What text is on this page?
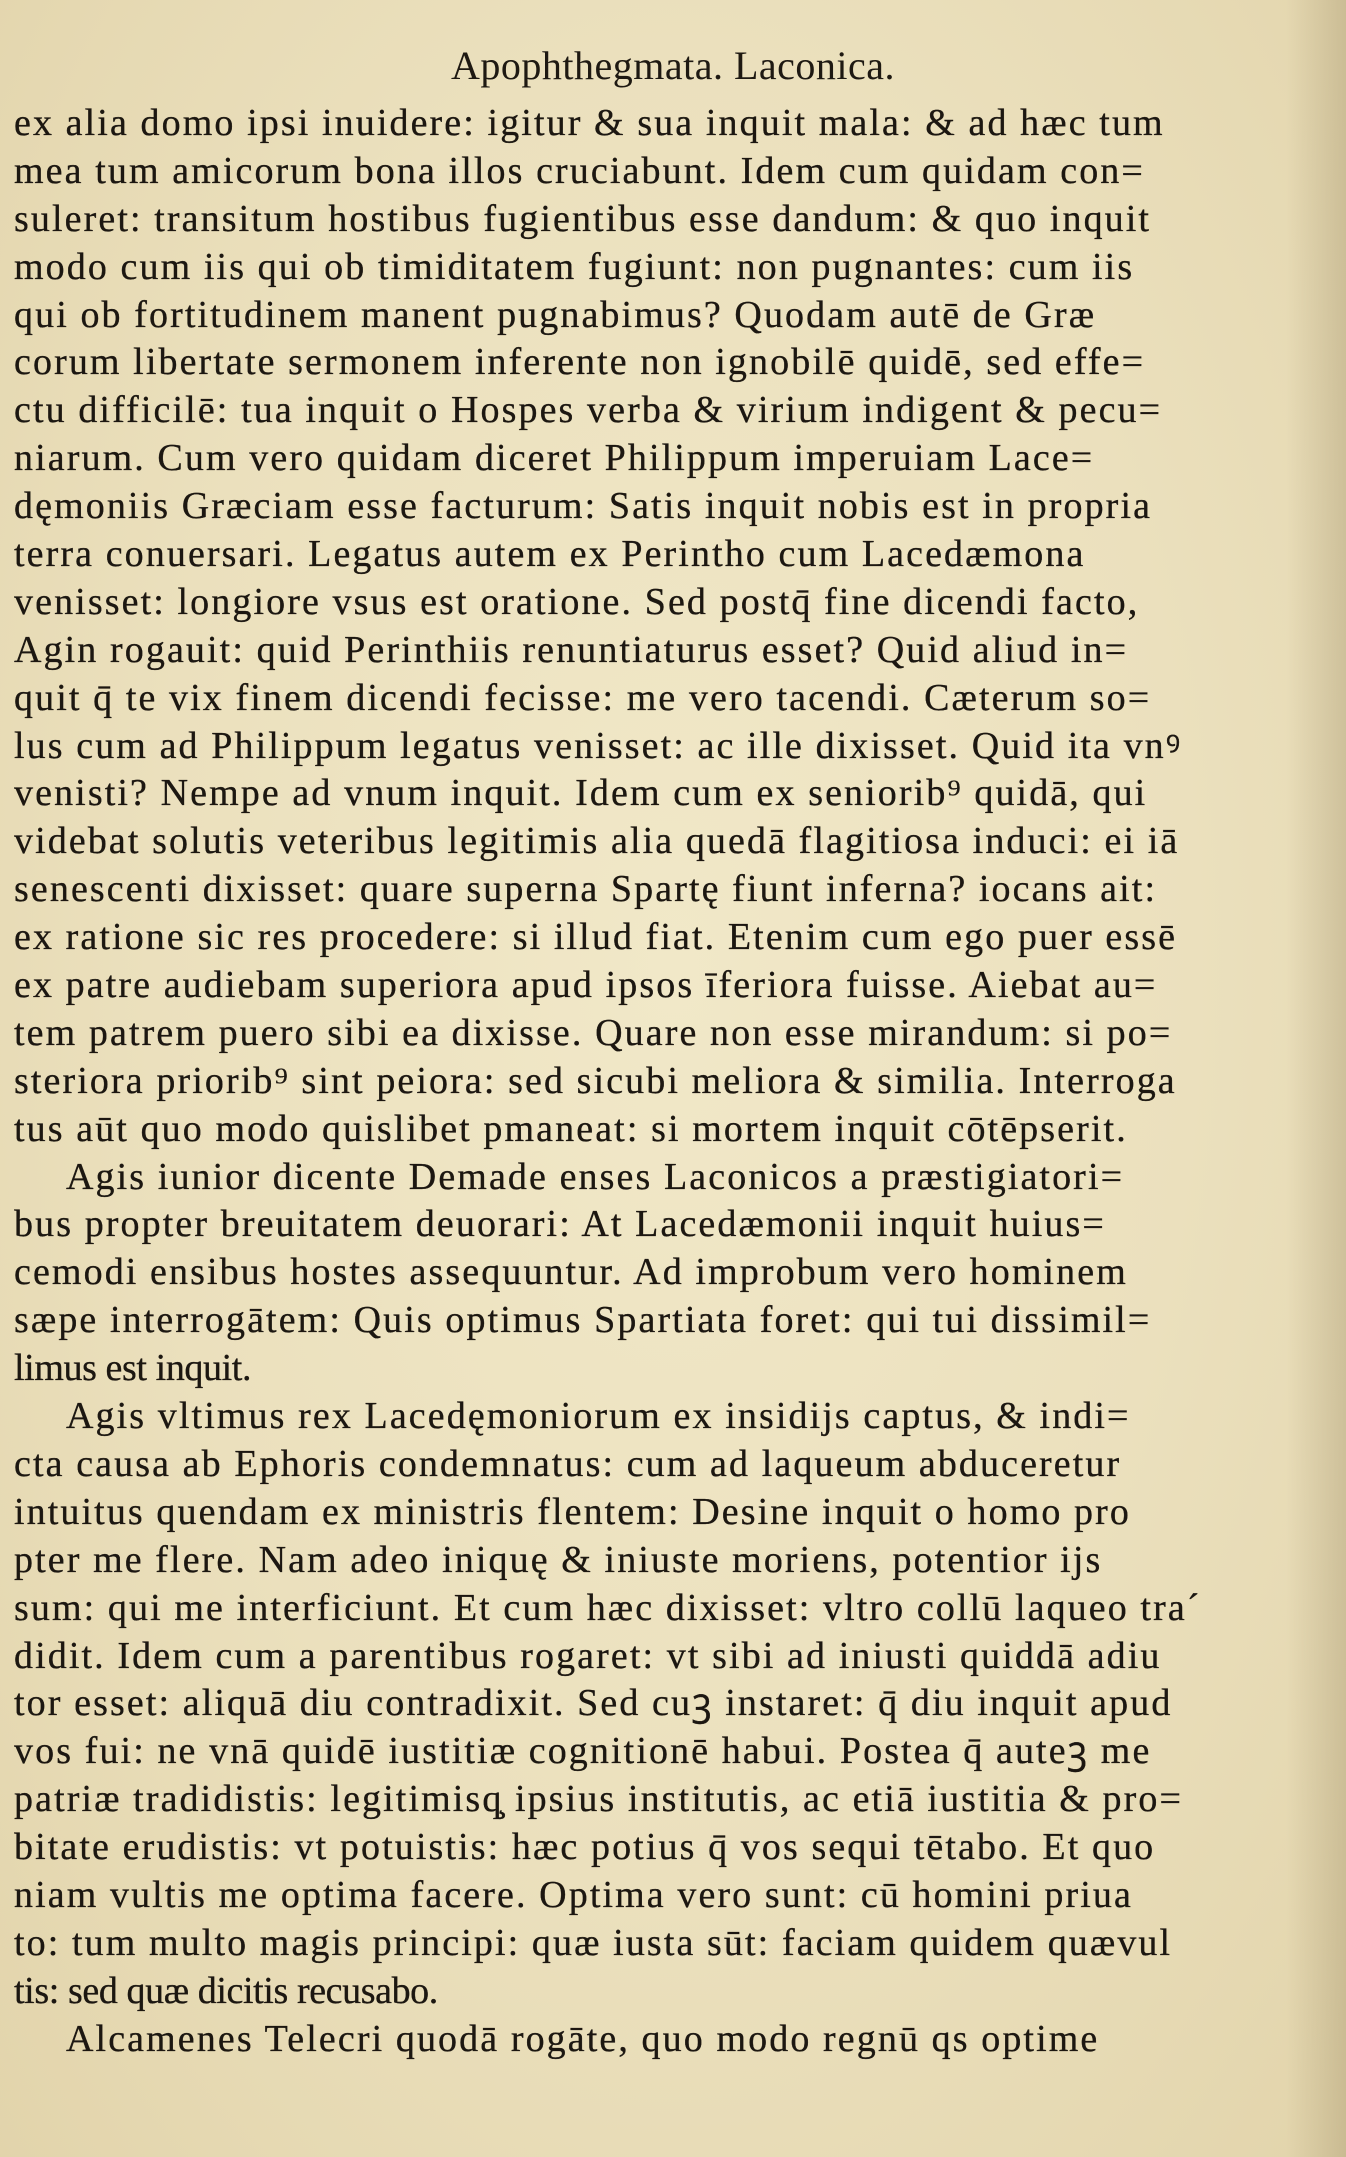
Apophthegmata. Laconica.
ex alia domo ipsi inuidere: igitur & sua inquit mala: & ad hæc tum
mea tum amicorum bona illos cruciabunt. Idem cum quidam con=
suleret: transitum hostibus fugientibus esse dandum: & quo inquit
modo cum iis qui ob timiditatem fugiunt: non pugnantes: cum iis
qui ob fortitudinem manent pugnabimus? Quodam autē de Græ
corum libertate sermonem inferente non ignobilē quidē, sed effe=
ctu difficilē: tua inquit o Hospes verba & virium indigent & pecu=
niarum. Cum vero quidam diceret Philippum imperuiam Lace=
dęmoniis Græciam esse facturum: Satis inquit nobis est in propria
terra conuersari. Legatus autem ex Perintho cum Lacedæmona
venisset: longiore vsus est oratione. Sed postq̄ fine dicendi facto,
Agin rogauit: quid Perinthiis renuntiaturus esset? Quid aliud in=
quit q̄ te vix finem dicendi fecisse: me vero tacendi. Cæterum so=
lus cum ad Philippum legatus venisset: ac ille dixisset. Quid ita vnꝰ
venisti? Nempe ad vnum inquit. Idem cum ex seniorib⁹ quidā, qui
videbat solutis veteribus legitimis alia quedā flagitiosa induci: ei iā
senescenti dixisset: quare superna Spartę fiunt inferna? iocans ait:
ex ratione sic res procedere: si illud fiat. Etenim cum ego puer essē
ex patre audiebam superiora apud ipsos īferiora fuisse. Aiebat au=
tem patrem puero sibi ea dixisse. Quare non esse mirandum: si po=
steriora priorib⁹ sint peiora: sed sicubi meliora & similia. Interroga
tus aūt quo modo quislibet pmaneat: si mortem inquit cōtēpserit.
Agis iunior dicente Demade enses Laconicos a præstigiatori=
bus propter breuitatem deuorari: At Lacedæmonii inquit huius=
cemodi ensibus hostes assequuntur. Ad improbum vero hominem
sæpe interrogātem: Quis optimus Spartiata foret: qui tui dissimil=
limus est inquit.
Agis vltimus rex Lacedęmoniorum ex insidijs captus, & indi=
cta causa ab Ephoris condemnatus: cum ad laqueum abduceretur
intuitus quendam ex ministris flentem: Desine inquit o homo pro
pter me flere. Nam adeo iniquę & iniuste moriens, potentior ijs
sum: qui me interficiunt. Et cum hæc dixisset: vltro collū laqueo tra´
didit. Idem cum a parentibus rogaret: vt sibi ad iniusti quiddā adiu
tor esset: aliquā diu contradixit. Sed cuꝫ instaret: q̄ diu inquit apud
vos fui: ne vnā quidē iustitiæ cognitionē habui. Postea q̄ auteꝫ me
patriæ tradidistis: legitimisq̧ ipsius institutis, ac etiā iustitia & pro=
bitate erudistis: vt potuistis: hæc potius q̄ vos sequi tētabo. Et quo
niam vultis me optima facere. Optima vero sunt: cū homini priua
to: tum multo magis principi: quæ iusta sūt: faciam quidem quævul
tis: sed quæ dicitis recusabo.
Alcamenes Telecri quodā rogāte, quo modo regnū qs optime
